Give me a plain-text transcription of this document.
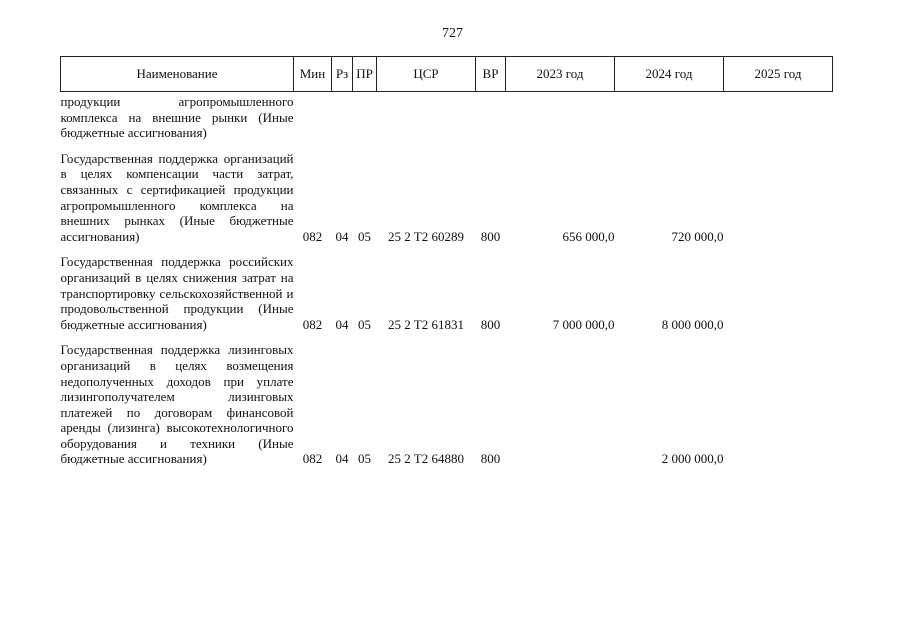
727
Наименование	Мин	Рз	ПР	ЦСР	ВР	2023 год	2024 год	2025 год
продукции агропромышленного комплекса на внешние рынки (Иные бюджетные ассигнования)								
Государственная поддержка организаций в целях компенсации части затрат, связанных с сертификацией продукции агропромышленного комплекса на внешних рынках (Иные бюджетные ассигнования)	082	04	05	25 2 T2 60289	800	656 000,0	720 000,0	
Государственная поддержка российских организаций в целях снижения затрат на транспортировку сельскохозяйственной и продовольственной продукции (Иные бюджетные ассигнования)	082	04	05	25 2 T2 61831	800	7 000 000,0	8 000 000,0	
Государственная поддержка лизинговых организаций в целях возмещения недополученных доходов при уплате лизингополучателем лизинговых платежей по договорам финансовой аренды (лизинга) высокотехнологичного оборудования и техники (Иные бюджетные ассигнования)	082	04	05	25 2 T2 64880	800		2 000 000,0	
